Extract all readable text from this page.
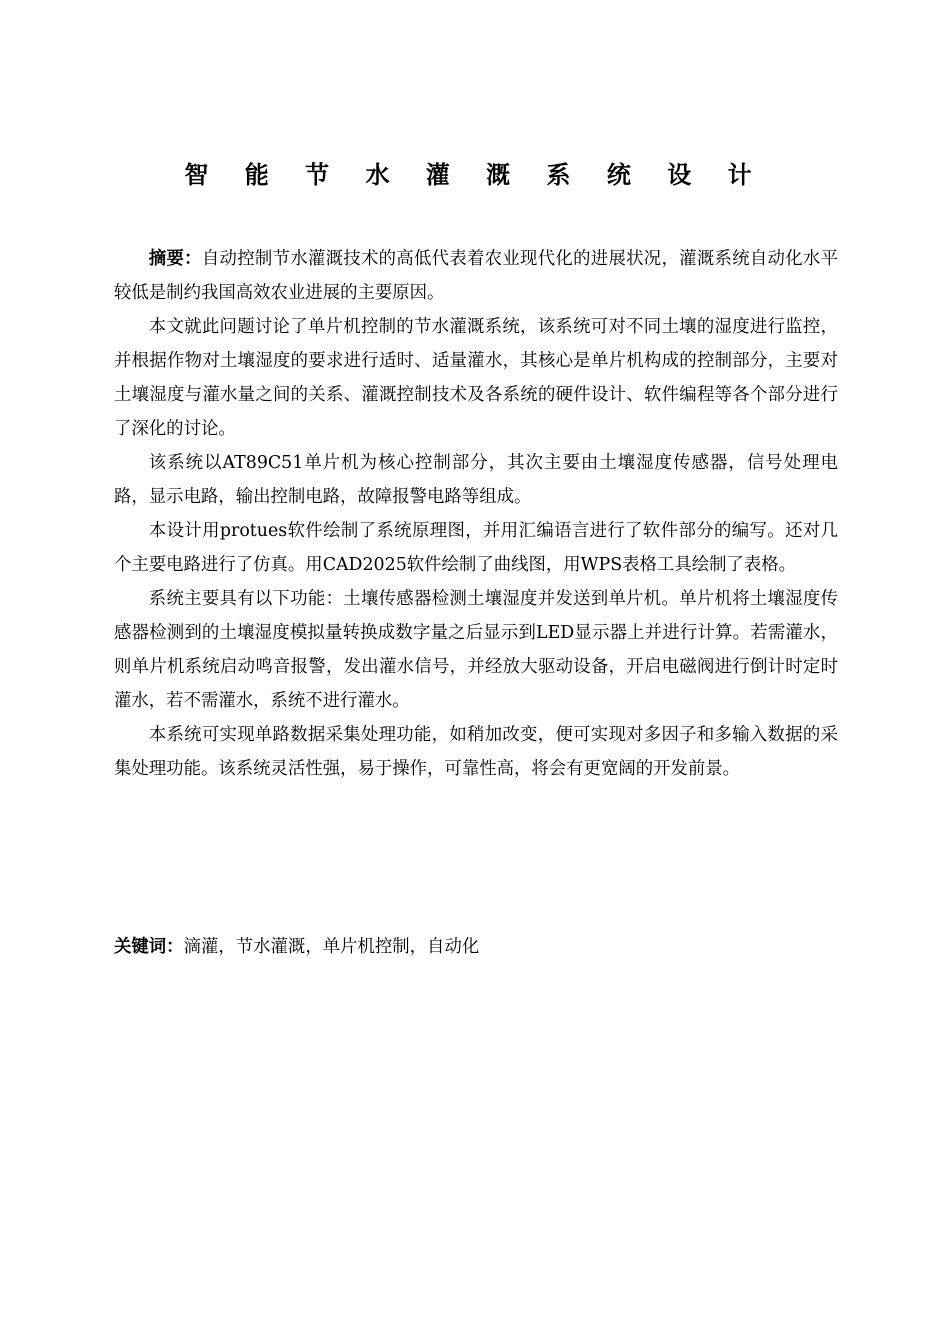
智 能 节 水 灌 溉 系 统 设 计

摘要：自动控制节水灌溉技术的高低代表着农业现代化的进展状况，灌溉系统自动化水平较低是制约我国高效农业进展的主要原因。

本文就此问题讨论了单片机控制的节水灌溉系统，该系统可对不同土壤的湿度进行监控，并根据作物对土壤湿度的要求进行适时、适量灌水，其核心是单片机构成的控制部分，主要对土壤湿度与灌水量之间的关系、灌溉控制技术及各系统的硬件设计、软件编程等各个部分进行了深化的讨论。

该系统以AT89C51单片机为核心控制部分，其次主要由土壤湿度传感器，信号处理电路，显示电路，输出控制电路，故障报警电路等组成。

本设计用protues软件绘制了系统原理图，并用汇编语言进行了软件部分的编写。还对几个主要电路进行了仿真。用CAD2025软件绘制了曲线图，用WPS表格工具绘制了表格。

系统主要具有以下功能：土壤传感器检测土壤湿度并发送到单片机。单片机将土壤湿度传感器检测到的土壤湿度模拟量转换成数字量之后显示到LED显示器上并进行计算。若需灌水，则单片机系统启动鸣音报警，发出灌水信号，并经放大驱动设备，开启电磁阀进行倒计时定时灌水，若不需灌水，系统不进行灌水。

本系统可实现单路数据采集处理功能，如稍加改变，便可实现对多因子和多输入数据的采集处理功能。该系统灵活性强，易于操作，可靠性高，将会有更宽阔的开发前景。

关键词：滴灌，节水灌溉，单片机控制，自动化
